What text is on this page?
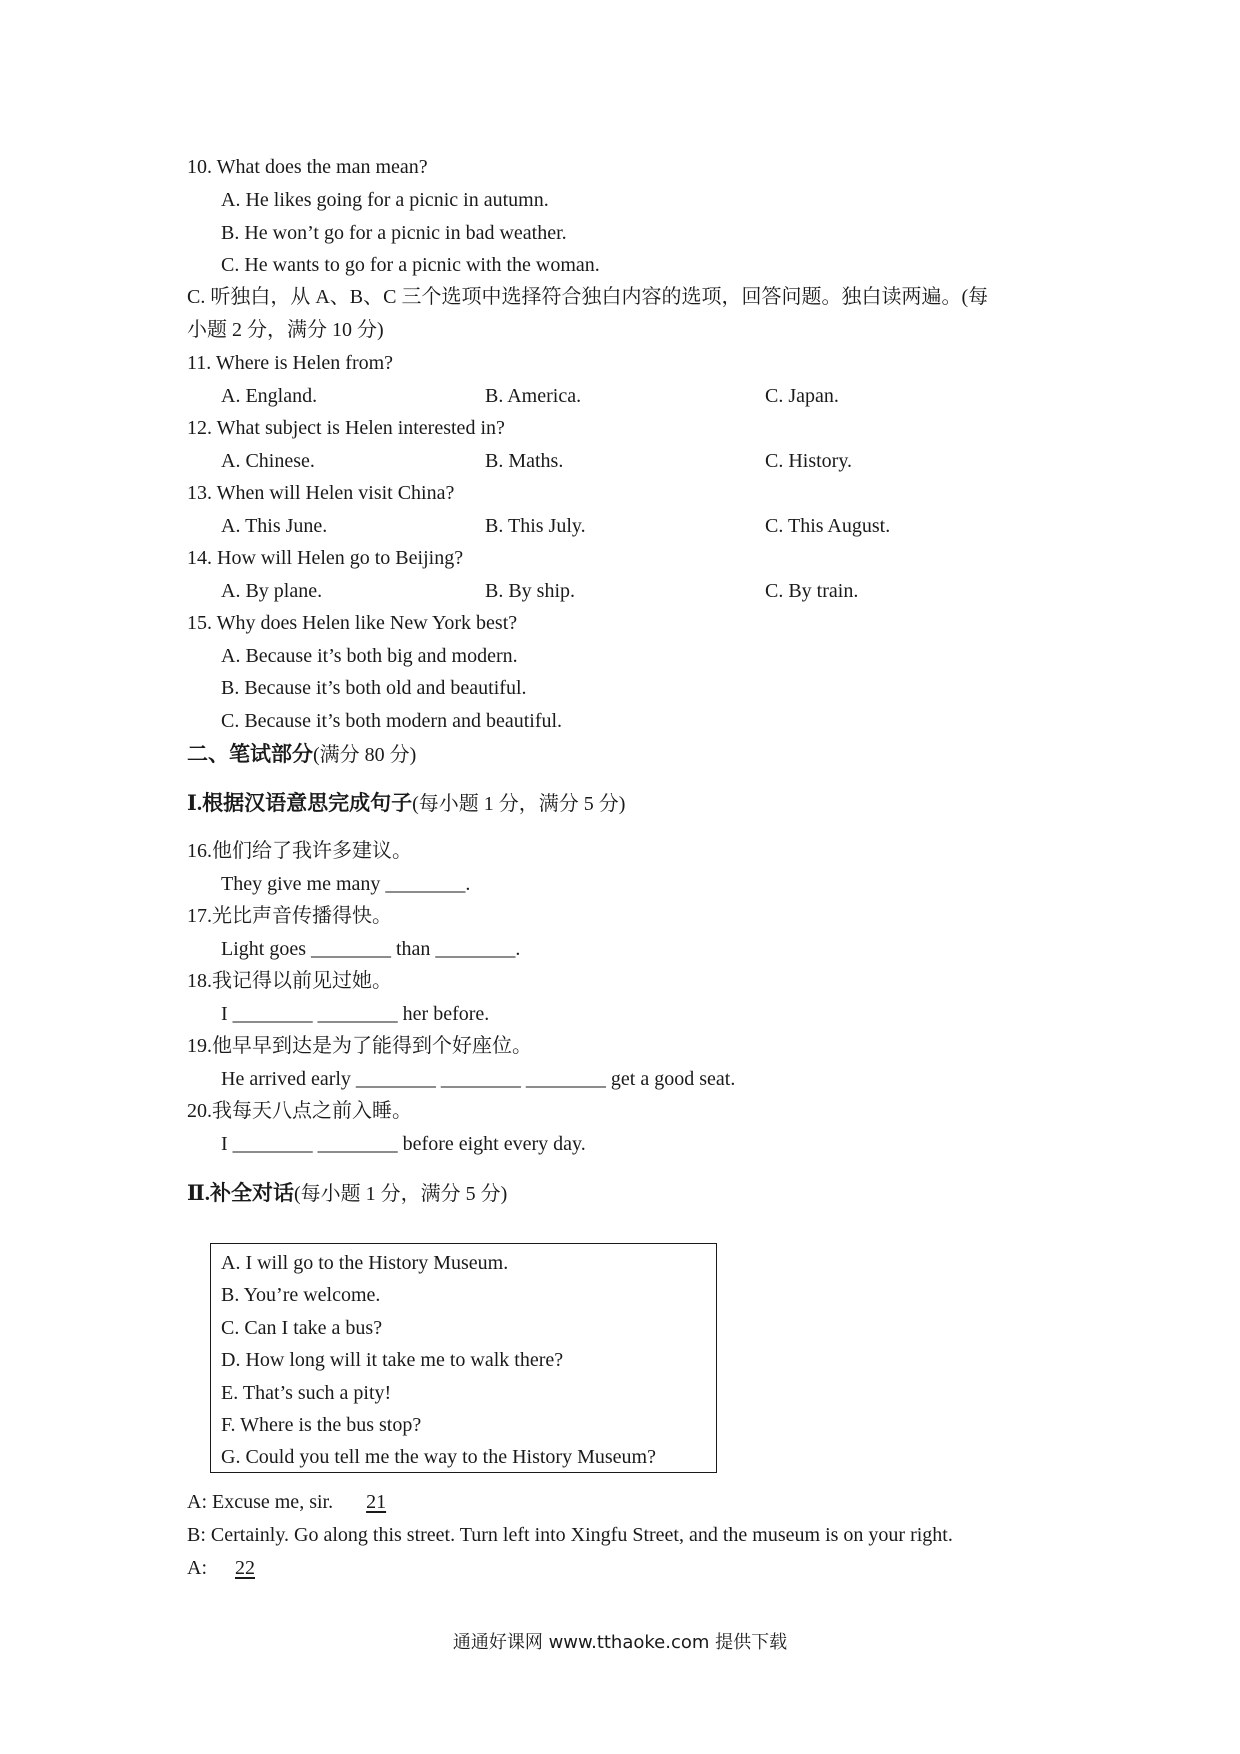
10. What does the man mean?
A. He likes going for a picnic in autumn.
B. He won’t go for a picnic in bad weather.
C. He wants to go for a picnic with the woman.
C. 听独白，从 A、B、C 三个选项中选择符合独白内容的选项，回答问题。独白读两遍。(每
小题 2 分，满分 10 分)
11. Where is Helen from?
A. England.	B. America.	C. Japan.
12. What subject is Helen interested in?
A. Chinese.	B. Maths.	C. History.
13. When will Helen visit China?
A. This June.	B. This July.	C. This August.
14. How will Helen go to Beijing?
A. By plane.	B. By ship.	C. By train.
15. Why does Helen like New York best?
A. Because it’s both big and modern.
B. Because it’s both old and beautiful.
C. Because it’s both modern and beautiful.
二、笔试部分(满分 80 分)
Ⅰ.根据汉语意思完成句子(每小题 1 分，满分 5 分)
16.他们给了我许多建议。
They give me many ________.
17.光比声音传播得快。
Light goes ________ than ________.
18.我记得以前见过她。
I ________ ________ her before.
19.他早早到达是为了能得到个好座位。
He arrived early ________ ________ ________ get a good seat.
20.我每天八点之前入睡。
I ________ ________ before eight every day.
Ⅱ.补全对话(每小题 1 分，满分 5 分)
A. I will go to the History Museum.
B. You’re welcome.
C. Can I take a bus?
D. How long will it take me to walk there?
E. That’s such a pity!
F. Where is the bus stop?
G. Could you tell me the way to the History Museum?
A: Excuse me, sir. 21
B: Certainly. Go along this street. Turn left into Xingfu Street, and the museum is on your right.
A: 22
通通好课网 www.tthaoke.com 提供下载
